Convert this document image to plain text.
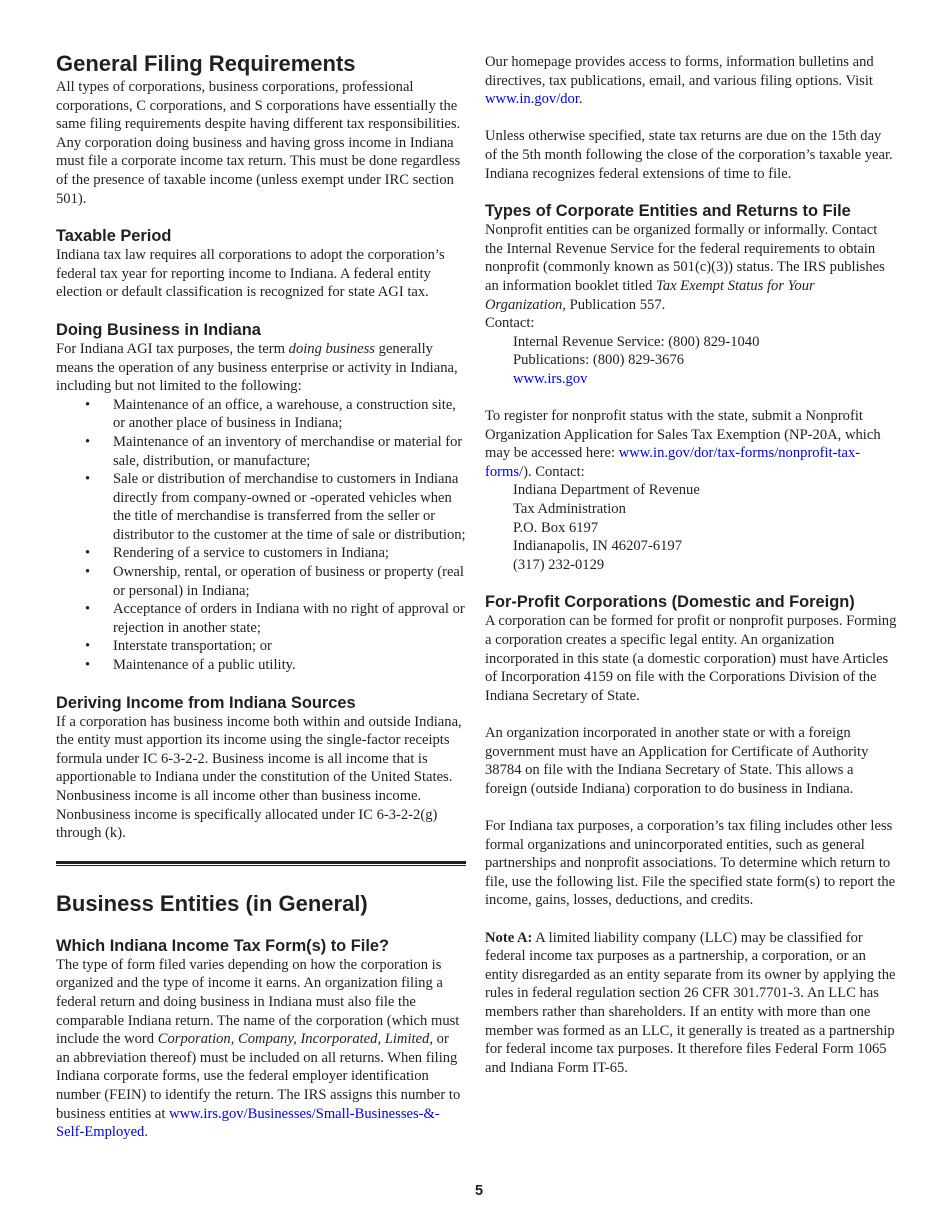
General Filing Requirements

All types of corporations, business corporations, professional corporations, C corporations, and S corporations have essentially the same filing requirements despite having different tax responsibilities. Any corporation doing business and having gross income in Indiana must file a corporate income tax return. This must be done regardless of the presence of taxable income (unless exempt under IRC section 501).

Taxable Period

Indiana tax law requires all corporations to adopt the corporation’s federal tax year for reporting income to Indiana. A federal entity election or default classification is recognized for state AGI tax.

Doing Business in Indiana

For Indiana AGI tax purposes, the term doing business generally means the operation of any business enterprise or activity in Indiana, including but not limited to the following:

• Maintenance of an office, a warehouse, a construction site, or another place of business in Indiana;
• Maintenance of an inventory of merchandise or material for sale, distribution, or manufacture;
• Sale or distribution of merchandise to customers in Indiana directly from company-owned or -operated vehicles when the title of merchandise is transferred from the seller or distributor to the customer at the time of sale or distribution;
• Rendering of a service to customers in Indiana;
• Ownership, rental, or operation of business or property (real or personal) in Indiana;
• Acceptance of orders in Indiana with no right of approval or rejection in another state;
• Interstate transportation; or
• Maintenance of a public utility.
Deriving Income from Indiana Sources

If a corporation has business income both within and outside Indiana, the entity must apportion its income using the single-factor receipts formula under IC 6-3-2-2. Business income is all income that is apportionable to Indiana under the constitution of the United States. Nonbusiness income is all income other than business income. Nonbusiness income is specifically allocated under IC 6-3-2-2(g) through (k).

Business Entities (in General)
Which Indiana Income Tax Form(s) to File?

The type of form filed varies depending on how the corporation is organized and the type of income it earns. An organization filing a federal return and doing business in Indiana must also file the comparable Indiana return. The name of the corporation (which must include the word Corporation, Company, Incorporated, Limited, or an abbreviation thereof) must be included on all returns. When filing Indiana corporate forms, use the federal employer identification number (FEIN) to identify the return. The IRS assigns this number to business entities at www.irs.gov/Businesses/Small-Businesses-&-Self-Employed.

Our homepage provides access to forms, information bulletins and directives, tax publications, email, and various filing options. Visit www.in.gov/dor.

Unless otherwise specified, state tax returns are due on the 15th day of the 5th month following the close of the corporation’s taxable year. Indiana recognizes federal extensions of time to file.

Types of Corporate Entities and Returns to File

Nonprofit entities can be organized formally or informally. Contact the Internal Revenue Service for the federal requirements to obtain nonprofit (commonly known as 501(c)(3)) status. The IRS publishes an information booklet titled Tax Exempt Status for Your Organization, Publication 557.

Contact:

Internal Revenue Service: (800) 829-1040

Publications: (800) 829-3676

www.irs.gov

To register for nonprofit status with the state, submit a Nonprofit Organization Application for Sales Tax Exemption (NP-20A, which may be accessed here: www.in.gov/dor/tax-forms/nonprofit-tax-forms/). Contact:

Indiana Department of Revenue

Tax Administration

P.O. Box 6197

Indianapolis, IN 46207-6197

(317) 232-0129

For-Profit Corporations (Domestic and Foreign)

A corporation can be formed for profit or nonprofit purposes. Forming a corporation creates a specific legal entity. An organization incorporated in this state (a domestic corporation) must have Articles of Incorporation 4159 on file with the Corporations Division of the Indiana Secretary of State.

An organization incorporated in another state or with a foreign government must have an Application for Certificate of Authority 38784 on file with the Indiana Secretary of State. This allows a foreign (outside Indiana) corporation to do business in Indiana.

For Indiana tax purposes, a corporation’s tax filing includes other less formal organizations and unincorporated entities, such as general partnerships and nonprofit associations. To determine which return to file, use the following list. File the specified state form(s) to report the income, gains, losses, deductions, and credits.

Note A: A limited liability company (LLC) may be classified for federal income tax purposes as a partnership, a corporation, or an entity disregarded as an entity separate from its owner by applying the rules in federal regulation section 26 CFR 301.7701-3. An LLC has members rather than shareholders. If an entity with more than one member was formed as an LLC, it generally is treated as a partnership for federal income tax purposes. It therefore files Federal Form 1065 and Indiana Form IT-65.

5
